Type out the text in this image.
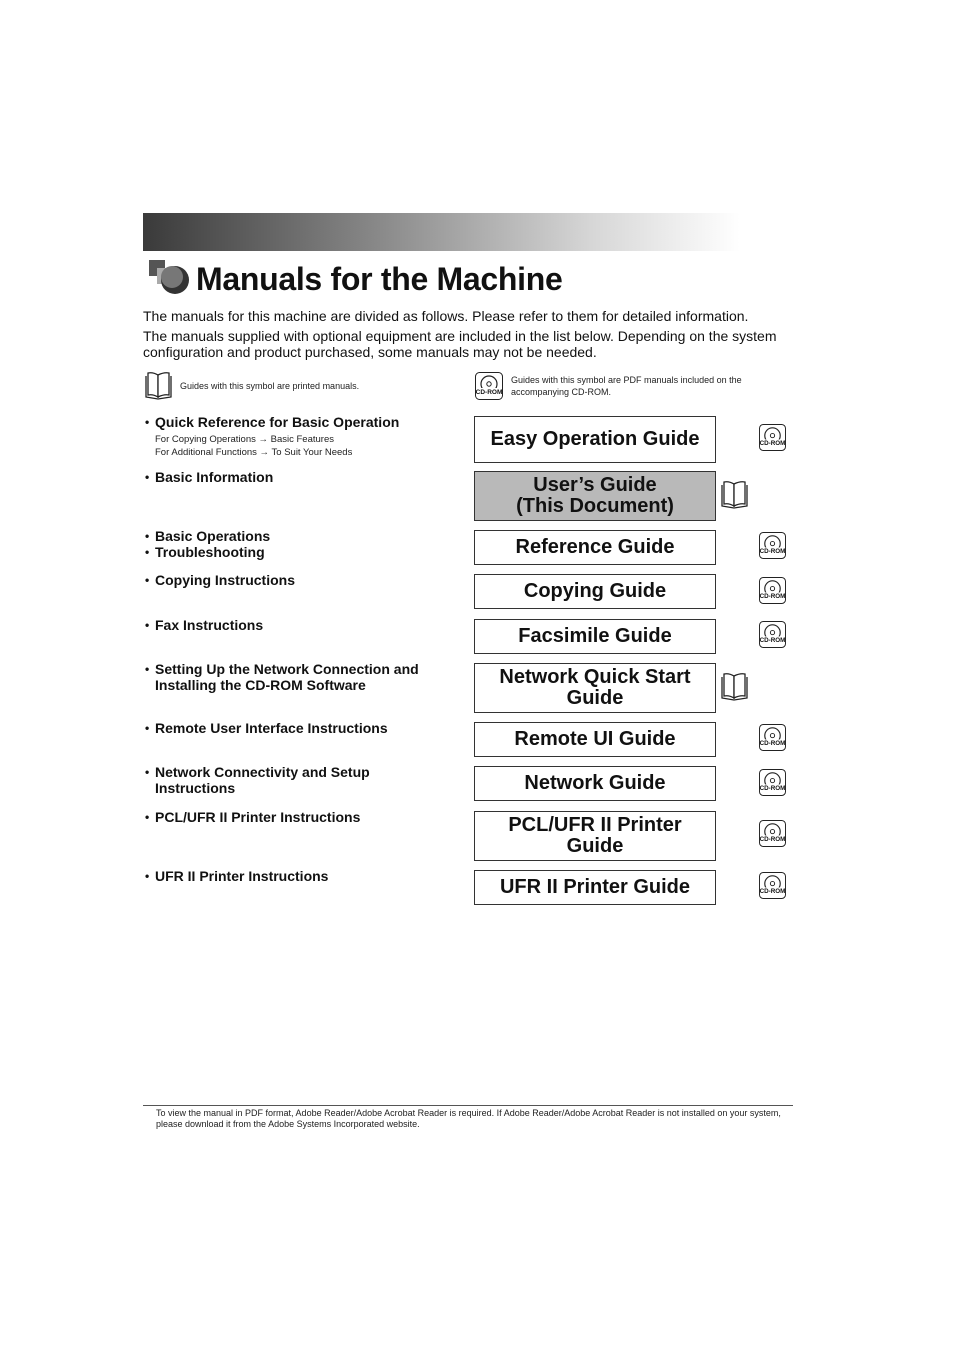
Manuals for the Machine
The manuals for this machine are divided as follows. Please refer to them for detailed information.
The manuals supplied with optional equipment are included in the list below. Depending on the system configuration and product purchased, some manuals may not be needed.
Guides with this symbol are printed manuals.
CD-ROM
Guides with this symbol are PDF manuals included on the accompanying CD-ROM.
• Quick Reference for Basic Operation
For Copying Operations → Basic Features
For Additional Functions → To Suit Your Needs
• Basic Information
• Basic Operations
• Troubleshooting
• Copying Instructions
• Fax Instructions
• Setting Up the Network Connection and Installing the CD-ROM Software
• Remote User Interface Instructions
• Network Connectivity and Setup Instructions
• PCL/UFR II Printer Instructions
• UFR II Printer Instructions
Easy Operation Guide
User’s Guide
(This Document)
Reference Guide
Copying Guide
Facsimile Guide
Network Quick Start
Guide
Remote UI Guide
Network Guide
PCL/UFR II Printer
Guide
UFR II Printer Guide
CD-ROM
CD-ROM
CD-ROM
CD-ROM
CD-ROM
CD-ROM
CD-ROM
CD-ROM
To view the manual in PDF format, Adobe Reader/Adobe Acrobat Reader is required. If Adobe Reader/Adobe Acrobat Reader is not installed on your system, please download it from the Adobe Systems Incorporated website.
